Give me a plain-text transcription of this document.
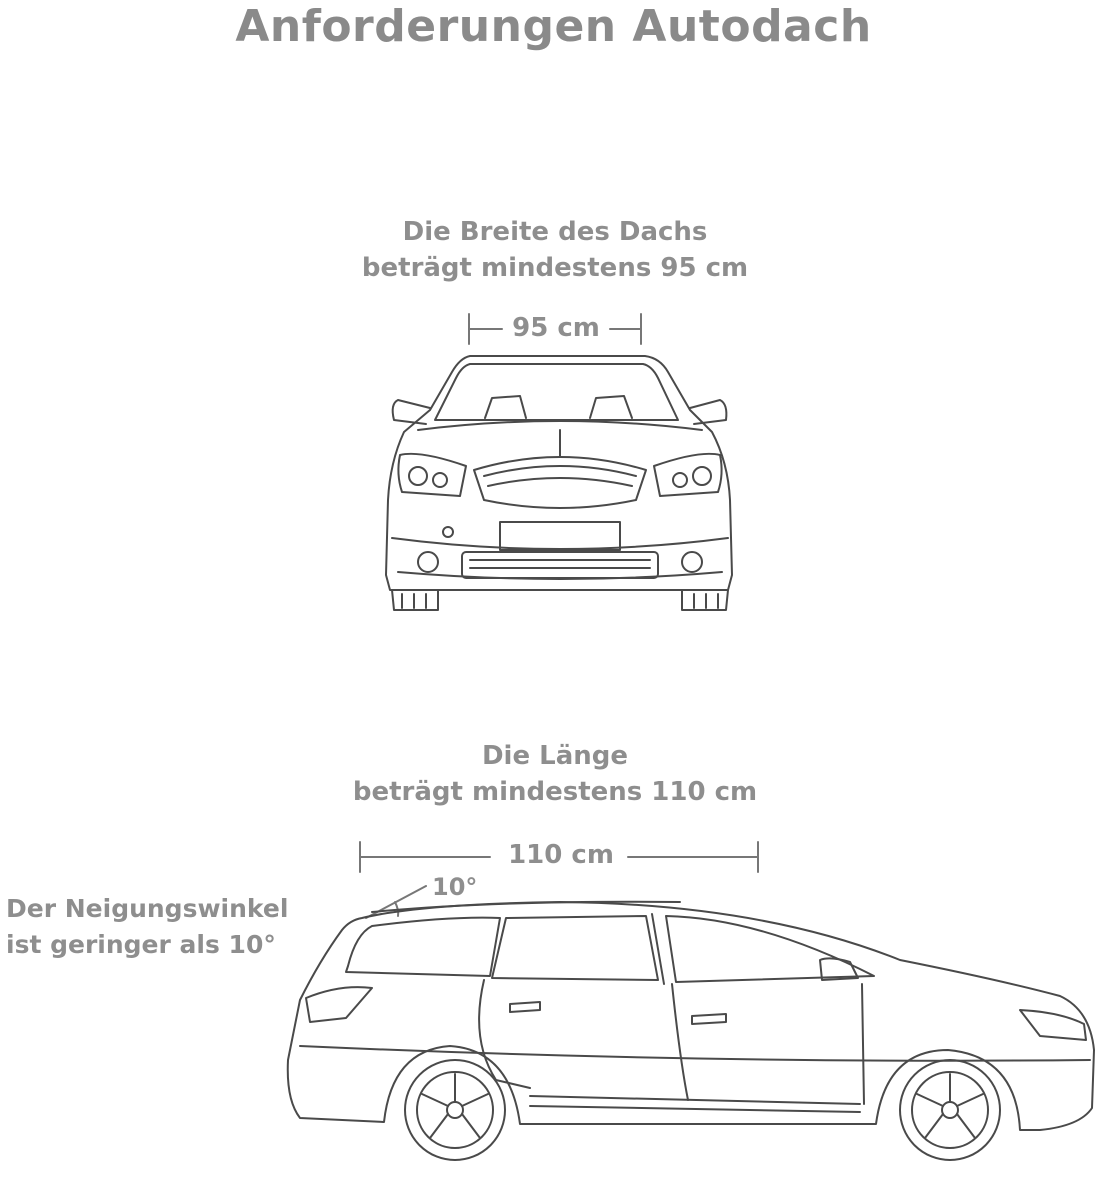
Anforderungen Autodach
Die Breite des Dachs
beträgt mindestens 95 cm
95 cm
Die Länge
beträgt mindestens 110 cm
110 cm
10°
Der Neigungswinkel
ist geringer als 10°
